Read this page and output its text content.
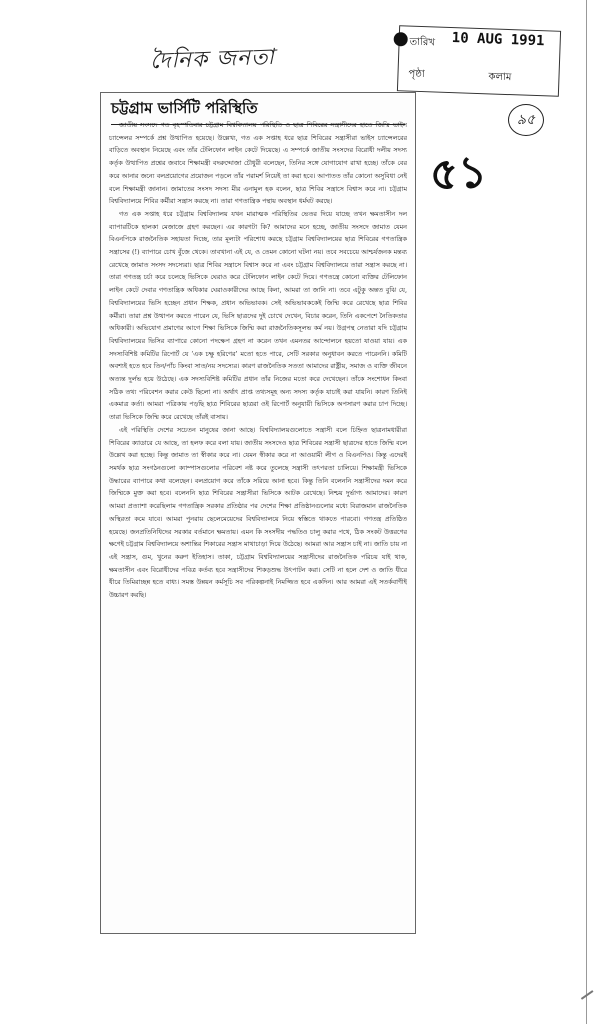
দৈনিক জনতা
তারিখ 10 AUG 1991
পৃষ্ঠা	কলাম
৯৫
৫১
চট্টগ্রাম ভার্সিটি পরিস্থিতি

জাতীয় সংসদে গত বৃহস্পতিবার চট্টগ্রাম বিশ্ববিদ্যালয় পরিস্থিতি ও ছাত্র শিবিরের সন্ত্রাসীদের হাতে জিম্মি ভাইস চ্যান্সেলর সম্পর্কে প্রশ্ন উত্থাপিত হয়েছে। উল্লেখ্য, গত এক সপ্তাহ ধরে ছাত্র শিবিরের সন্ত্রাসীরা ভাইস চ্যান্সেলরের বাড়িতে অবস্থান নিয়েছে এবং তাঁর টেলিফোন লাইন কেটে দিয়েছে। এ সম্পর্কে জাতীয় সংসদের বিরোধী দলীয় সদস্য কর্তৃক উত্থাপিত প্রশ্নের জবাবে শিক্ষামন্ত্রী বদরুদ্দোজা চৌধুরী বলেছেন, তিনির সঙ্গে যোগাযোগ রাখা হচ্ছে। তাঁকে বের করে আনার জন্যে বলপ্রয়োগের প্রয়োজন পড়লে তাঁর পরামর্শ নিয়েই তা করা হবে। আপাতত তাঁর কোনো অসুবিধা নেই বলে শিক্ষামন্ত্রী জানান। জামাতের সংসদ সদস্য মীর এনামুল হক বলেন, ছাত্র শিবির সন্ত্রাসে বিশ্বাস করে না। চট্টগ্রাম বিশ্ববিদ্যালয়ে শিবির কর্মীরা সন্ত্রাস করছে না। তারা গণতান্ত্রিক পন্থায় অবস্থান ধর্মঘট করছে।

গত এক সপ্তাহ ধরে চট্টগ্রাম বিশ্ববিদ্যালয় যখন মারাত্মক পরিস্থিতির ভেতর দিয়ে যাচ্ছে তখন ক্ষমতাসীন দল ব্যাপারটিকে হালকা মেজাজে গ্রহণ করছেন। এর কারণটা কি? আমাদের মনে হচ্ছে, জাতীয় সংসদে জামাত যেমন বিএনপিকে রাজনৈতিক সহায়তা দিচ্ছে, তার মূল্যটা পরিশোধ করছে চট্টগ্রাম বিশ্ববিদ্যালয়ের ছাত্র শিবিরের গণতান্ত্রিক সন্ত্রাসের (!) ব্যাপারে চোখ বুঁজে থেকে। তাবখানা এই যে, ও তেমন কোনো ঘটনা নয়। তবে সবচেয়ে আশ্চর্যজনক মন্তব্য রেখেছে জামাত সংসদ সদস্যেরা। ছাত্র শিবির সন্ত্রাসে বিশ্বাস করে না এবং চট্টগ্রাম বিশ্ববিদ্যালয়ে তারা সন্ত্রাস করছে না। তারা গণতন্ত্র চর্চা করে চলেছে ভিসিকে ঘেরাও করে টেলিফোন লাইন কেটে দিয়ে। গণতন্ত্রে কোনো ব্যক্তির টেলিফোন লাইন কেটে দেবার গণতান্ত্রিক অধিকার ঘেরাওকারীদের আছে কিনা, আমরা তা জানি না। তবে এটুকু অন্তত বুঝি যে, বিশ্ববিদ্যালয়ের ভিসি হচ্ছেন প্রধান শিক্ষক, প্রধান অভিভাবক। সেই অভিভাবককেই জিম্মি করে রেখেছে ছাত্র শিবির কর্মীরা। তারা প্রশ্ন উত্থাপন করতে পারেন যে, ভিসি ছাত্রদের দুই চোখে দেখেন, বিচার করেন, তিনি একপেশে নৈতিকতার অধিকারী। অভিযোগ প্রমাণের আগে শিক্ষা ভিসিকে জিম্মি করা রাজনৈতিকসূলভ কর্ম নয়। উগ্রপন্থ নেতারা যদি চট্টগ্রাম বিশ্ববিদ্যালয়ের ভিসির ব্যাপারে কোনো পদক্ষেপ গ্রহণ না করেন তখন এমনতর আন্দোলনে হয়তো যাওয়া যায়। এক সদস্যবিশিষ্ট কমিটির রিপোর্ট যে ‘এক চক্ষু হরিণের’ মতো হতে পারে, সেটি সরকার অনুধাবন করতে পারেননি। কমিটি অবশ্যই হতে হবে তিন/পাঁচ কিংবা সাত/নয় সদস্যের। কারণ রাজনৈতিক সততা আমাদের রাষ্ট্রীয়, সমাজ ও ব্যক্তি জীবনে অত্যন্ত দুর্লভ হয়ে উঠেছে। এক সদস্যবিশিষ্ট কমিটির প্রধান তাঁর নিজের মতো করে দেখেছেন। তাঁকে সংশোধন কিংবা সঠিক তথ্য পরিবেশন করার কেউ ছিলো না। অর্থাৎ প্রাপ্ত তথ্যসমূহ অন্য সদস্য কর্তৃক যাচাই করা যায়নি। কারণ তিনিই একমাত্র কর্তা। আমরা পত্রিকায় পড়ছি ছাত্র শিবিরের ছাত্ররা ওই রিপোর্ট অনুযায়ী ভিসিকে অপসারণ করার চাপ দিচ্ছে। তারা ভিসিকে জিম্মি করে রেখেছে তাঁরই বাসায়।

এই পরিস্থিতি দেশের সচেতন মানুষের জানা আছে। বিশ্ববিদ্যালয়গুলোতে সন্ত্রাসী বলে চিহ্নিত ছাত্রনামধারীরা শিবিরের ক্যাডারে যে আছে, তা হলফ করে বলা যায়। জাতীয় সংসদেও ছাত্র শিবিরের সন্ত্রাসী ছাত্রদের হাতে জিম্মি বলে উল্লেখ করা হচ্ছে। কিন্তু জামাত তা স্বীকার করে না। যেমন স্বীকার করে না আওয়ামী লীগ ও বিএনপিও। কিন্তু এদেরই সমর্থক ছাত্র সংগঠনগুলো ক্যাম্পাসগুলোর পরিবেশ নষ্ট করে তুলেছে সন্ত্রাসী তৎপরতা চালিয়ে। শিক্ষামন্ত্রী ভিসিকে উদ্ধারের ব্যাপারে কথা বলেছেন। বলপ্রয়োগ করে তাঁকে সরিয়ে আনা হবে। কিন্তু তিনি বলেননি সন্ত্রাসীদের দমন করে জিম্মিকে মুক্ত করা হবে। বলেননি ছাত্র শিবিরের সন্ত্রাসীরা ভিসিকে আটক রেখেছে। নিশ্চয় দুর্ভাগ্য আমাদের। কারণ আমরা প্রত্যাশা করেছিলাম গণতান্ত্রিক সরকার প্রতিষ্ঠার পর দেশের শিক্ষা প্রতিষ্ঠানগুলোর মধ্যে বিরাজমান রাজনৈতিক অস্থিরতা কমে যাবে। আমরা পুনরায় ছেলেমেয়েদের বিশ্ববিদ্যালয়ে নিয়ে স্বস্তিতে থাকতে পারবো। গণতন্ত্র প্রতিষ্ঠিত হয়েছে। জনপ্রতিনিধিদের সরকার বর্তমানে ক্ষমতায়। এমন কি সংসদীয় পদ্ধতিও চালু করার পথে, ঠিক সংকট উত্তরণের ক্ষণেই চট্টগ্রাম বিশ্ববিদ্যালয়ে অশান্তির শিকারের সন্ত্রাস মাথাচাড়া দিয়ে উঠেছে। আমরা আর সন্ত্রাস চাই না। জাতি চায় না এই সন্ত্রাস, গুম, খুনের করুণ ইতিহাস। তাকা, চট্টগ্রাম বিশ্ববিদ্যালয়ের সন্ত্রাসীদের রাজনৈতিক পরিচয় যাই থাক, ক্ষমতাসীন এবং বিরোধীদের পবিত্র কর্তব্য হবে সন্ত্রাসীদের শিকড়শুদ্ধ উৎপাটন করা। সেটি না হলে দেশ ও জাতি ধীরে ধীরে তিমিরাচ্ছন্ন হতে বাধ্য। সমস্ত উন্নয়ন কর্মসূচি সব পরিকল্পনাই নিমজ্জিত হবে একদিন। আর আমরা এই সতর্কবাণীই উচ্চারণ করছি।
